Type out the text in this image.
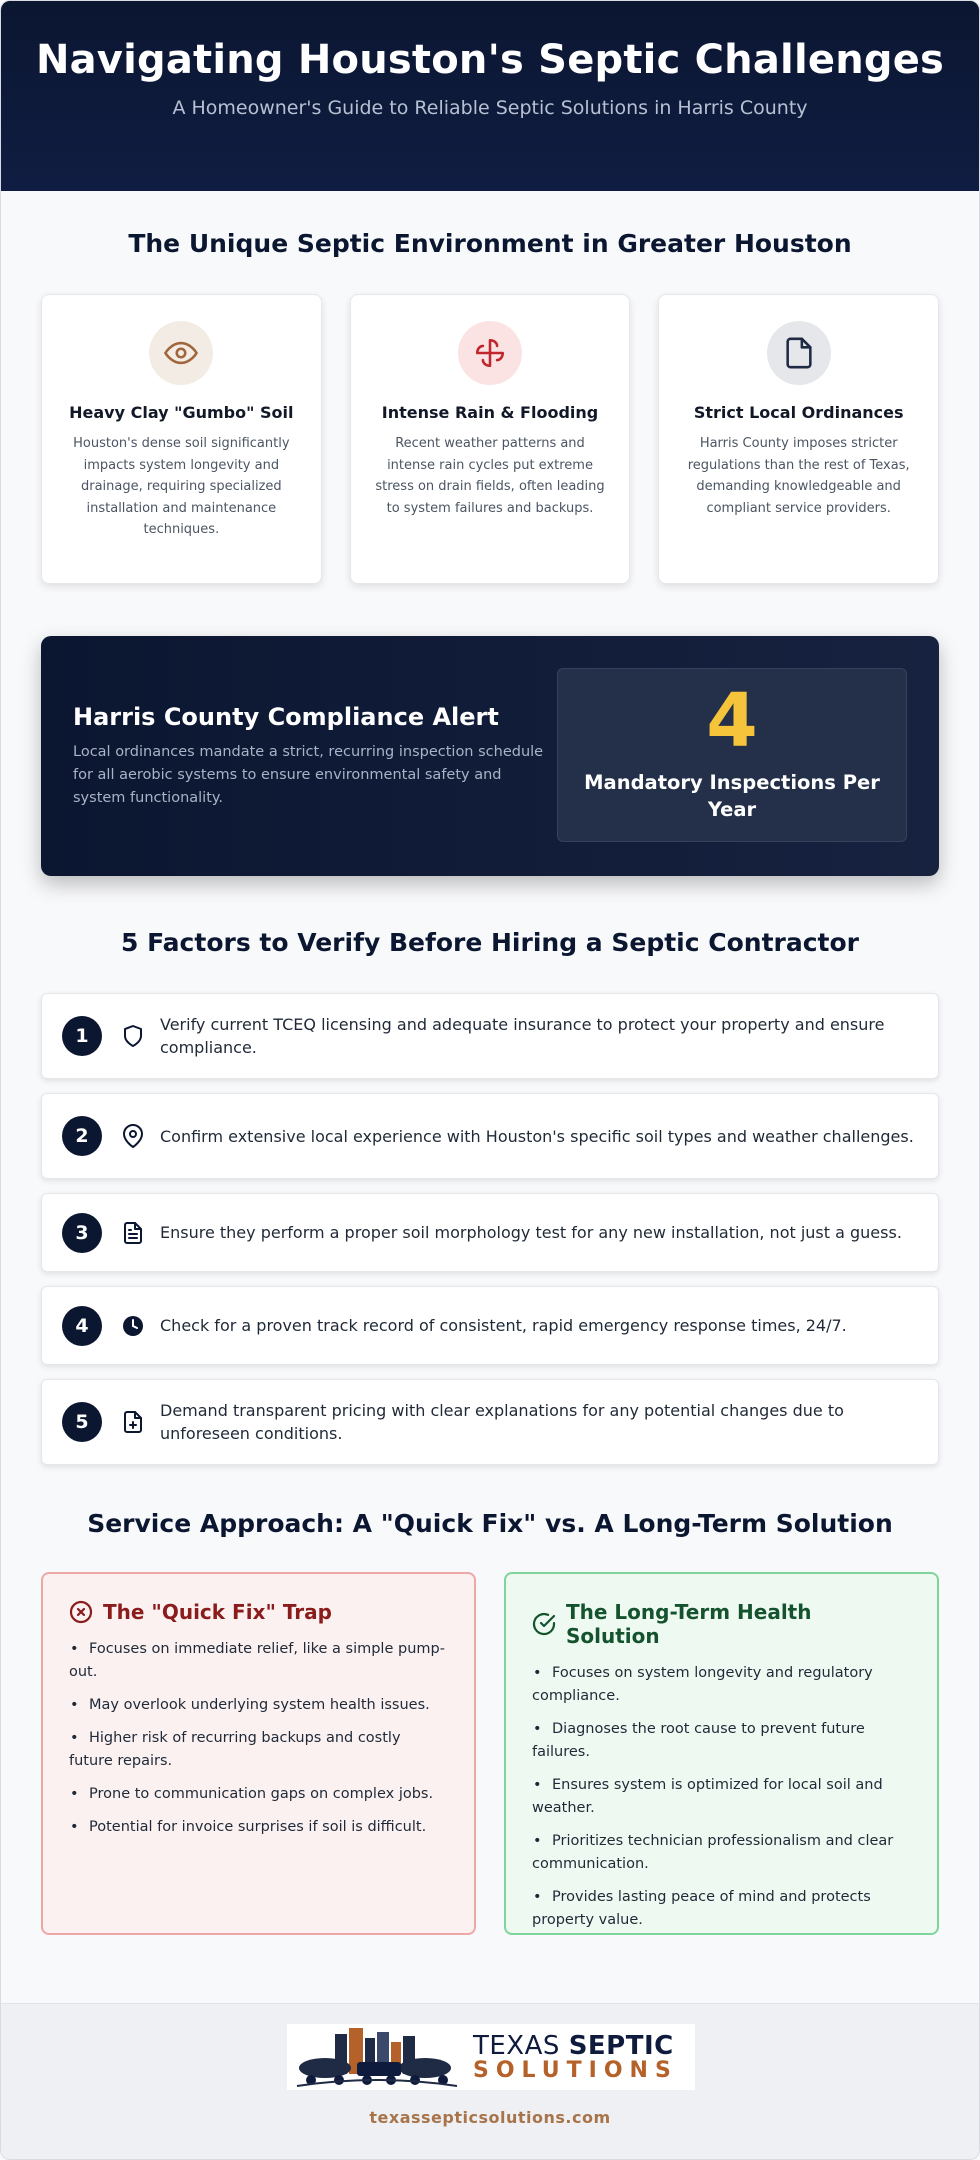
Navigating Houston's Septic Challenges

A Homeowner's Guide to Reliable Septic Solutions in Harris County

The Unique Septic Environment in Greater Houston
Heavy Clay "Gumbo" Soil

Houston's dense soil significantly impacts system longevity and drainage, requiring specialized installation and maintenance techniques.

Intense Rain & Flooding

Recent weather patterns and intense rain cycles put extreme stress on drain fields, often leading to system failures and backups.

Strict Local Ordinances

Harris County imposes stricter regulations than the rest of Texas, demanding knowledgeable and compliant service providers.

Harris County Compliance Alert

Local ordinances mandate a strict, recurring inspection schedule for all aerobic systems to ensure environmental safety and system functionality.

4
Mandatory Inspections Per Year
5 Factors to Verify Before Hiring a Septic Contractor
1
Verify current TCEQ licensing and adequate insurance to protect your property and ensure compliance.
2	Confirm extensive local experience with Houston's specific soil types and weather challenges.
3	Ensure they perform a proper soil morphology test for any new installation, not just a guess.
4	Check for a proven track record of consistent, rapid emergency response times, 24/7.
5
Demand transparent pricing with clear explanations for any potential changes due to unforeseen conditions.
Service Approach: A "Quick Fix" vs. A Long-Term Solution
The "Quick Fix" Trap
• Focuses on immediate relief, like a simple pump-out.
• May overlook underlying system health issues.
• Higher risk of recurring backups and costly future repairs.
• Prone to communication gaps on complex jobs.
• Potential for invoice surprises if soil is difficult.
The Long-Term Health Solution
• Focuses on system longevity and regulatory compliance.
• Diagnoses the root cause to prevent future failures.
• Ensures system is optimized for local soil and weather.
• Prioritizes technician professionalism and clear communication.
• Provides lasting peace of mind and protects property value.
TEXAS SEPTIC
SOLUTIONS
texassepticsolutions.com
